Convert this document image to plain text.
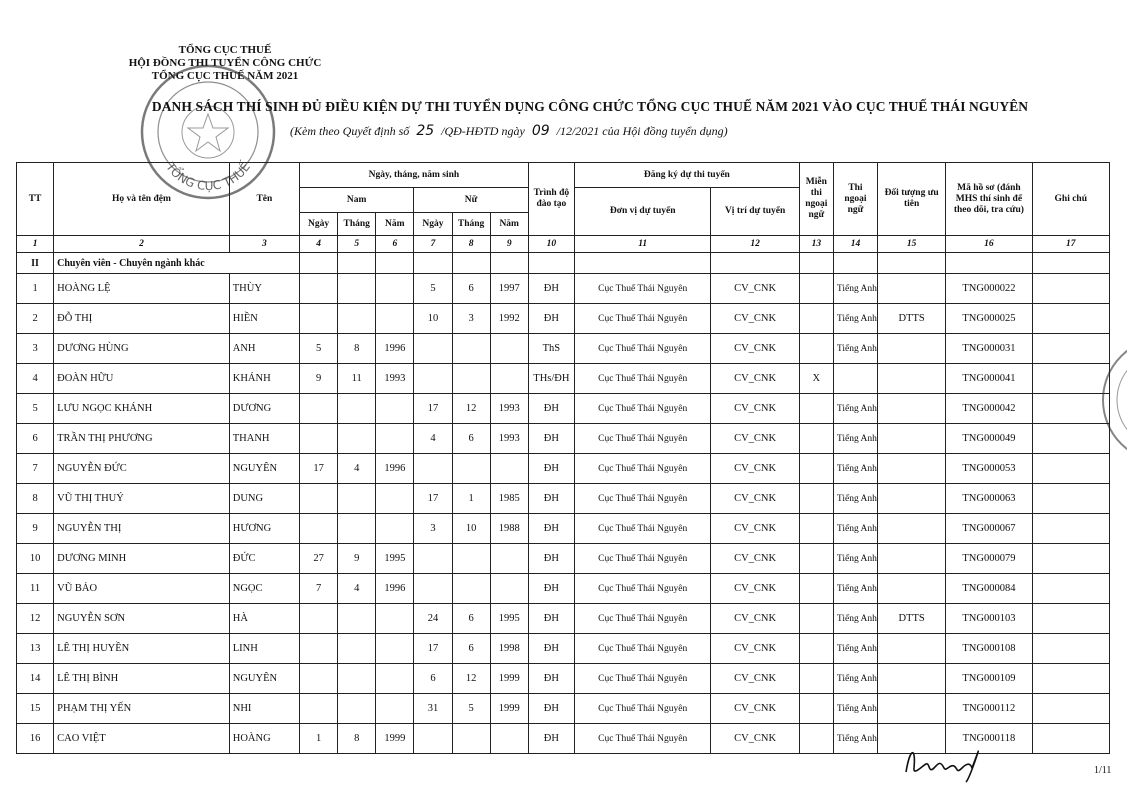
TỔNG CỤC THUẾ
HỘI ĐỒNG THI TUYỂN CÔNG CHỨC
TỔNG CỤC THUẾ NĂM 2021
TỔNG CỤC THUẾ
DANH SÁCH THÍ SINH ĐỦ ĐIỀU KIỆN DỰ THI TUYỂN DỤNG CÔNG CHỨC TỔNG CỤC THUẾ NĂM 2021 VÀO CỤC THUẾ THÁI NGUYÊN
(Kèm theo Quyết định số 25 /QĐ-HĐTD ngày 09 /12/2021 của Hội đồng tuyển dụng)
TT	Họ và tên đệm	Tên	Ngày, tháng, năm sinh						Trình độ đào tạo	Đăng ký dự thi tuyển		Miễn thi ngoại ngữ	Thi ngoại ngữ	Đối tượng ưu tiên	Mã hồ sơ (đánh MHS thí sinh để theo dõi, tra cứu)	Ghi chú
			Nam			Nữ				Đơn vị dự tuyển	Vị trí dự tuyển					
			Ngày	Tháng	Năm	Ngày	Tháng	Năm								
1	2	3	4	5	6	7	8	9	10	11	12	13	14	15	16	17
II	Chuyên viên - Chuyên ngành khác															
1	HOÀNG LỆ	THÙY				5	6	1997	ĐH	Cục Thuế Thái Nguyên	CV_CNK		Tiếng Anh		TNG000022	
2	ĐỖ THỊ	HIỀN				10	3	1992	ĐH	Cục Thuế Thái Nguyên	CV_CNK		Tiếng Anh	DTTS	TNG000025	
3	DƯƠNG HÙNG	ANH	5	8	1996				ThS	Cục Thuế Thái Nguyên	CV_CNK		Tiếng Anh		TNG000031	
4	ĐOÀN HỮU	KHÁNH	9	11	1993				THs/ĐH	Cục Thuế Thái Nguyên	CV_CNK	X			TNG000041	
5	LƯU NGỌC KHÁNH	DƯƠNG				17	12	1993	ĐH	Cục Thuế Thái Nguyên	CV_CNK		Tiếng Anh		TNG000042	
6	TRẦN THỊ PHƯƠNG	THANH				4	6	1993	ĐH	Cục Thuế Thái Nguyên	CV_CNK		Tiếng Anh		TNG000049	
7	NGUYỄN ĐỨC	NGUYÊN	17	4	1996				ĐH	Cục Thuế Thái Nguyên	CV_CNK		Tiếng Anh		TNG000053	
8	VŨ THỊ THUÝ	DUNG				17	1	1985	ĐH	Cục Thuế Thái Nguyên	CV_CNK		Tiếng Anh		TNG000063	
9	NGUYỄN THỊ	HƯƠNG				3	10	1988	ĐH	Cục Thuế Thái Nguyên	CV_CNK		Tiếng Anh		TNG000067	
10	DƯƠNG MINH	ĐỨC	27	9	1995				ĐH	Cục Thuế Thái Nguyên	CV_CNK		Tiếng Anh		TNG000079	
11	VŨ BẢO	NGỌC	7	4	1996				ĐH	Cục Thuế Thái Nguyên	CV_CNK		Tiếng Anh		TNG000084	
12	NGUYỄN SƠN	HÀ				24	6	1995	ĐH	Cục Thuế Thái Nguyên	CV_CNK		Tiếng Anh	DTTS	TNG000103	
13	LÊ THỊ HUYỀN	LINH				17	6	1998	ĐH	Cục Thuế Thái Nguyên	CV_CNK		Tiếng Anh		TNG000108	
14	LÊ THỊ BÌNH	NGUYÊN				6	12	1999	ĐH	Cục Thuế Thái Nguyên	CV_CNK		Tiếng Anh		TNG000109	
15	PHẠM THỊ YẾN	NHI				31	5	1999	ĐH	Cục Thuế Thái Nguyên	CV_CNK		Tiếng Anh		TNG000112	
16	CAO VIỆT	HOÀNG	1	8	1999				ĐH	Cục Thuế Thái Nguyên	CV_CNK		Tiếng Anh		TNG000118	
1/11
